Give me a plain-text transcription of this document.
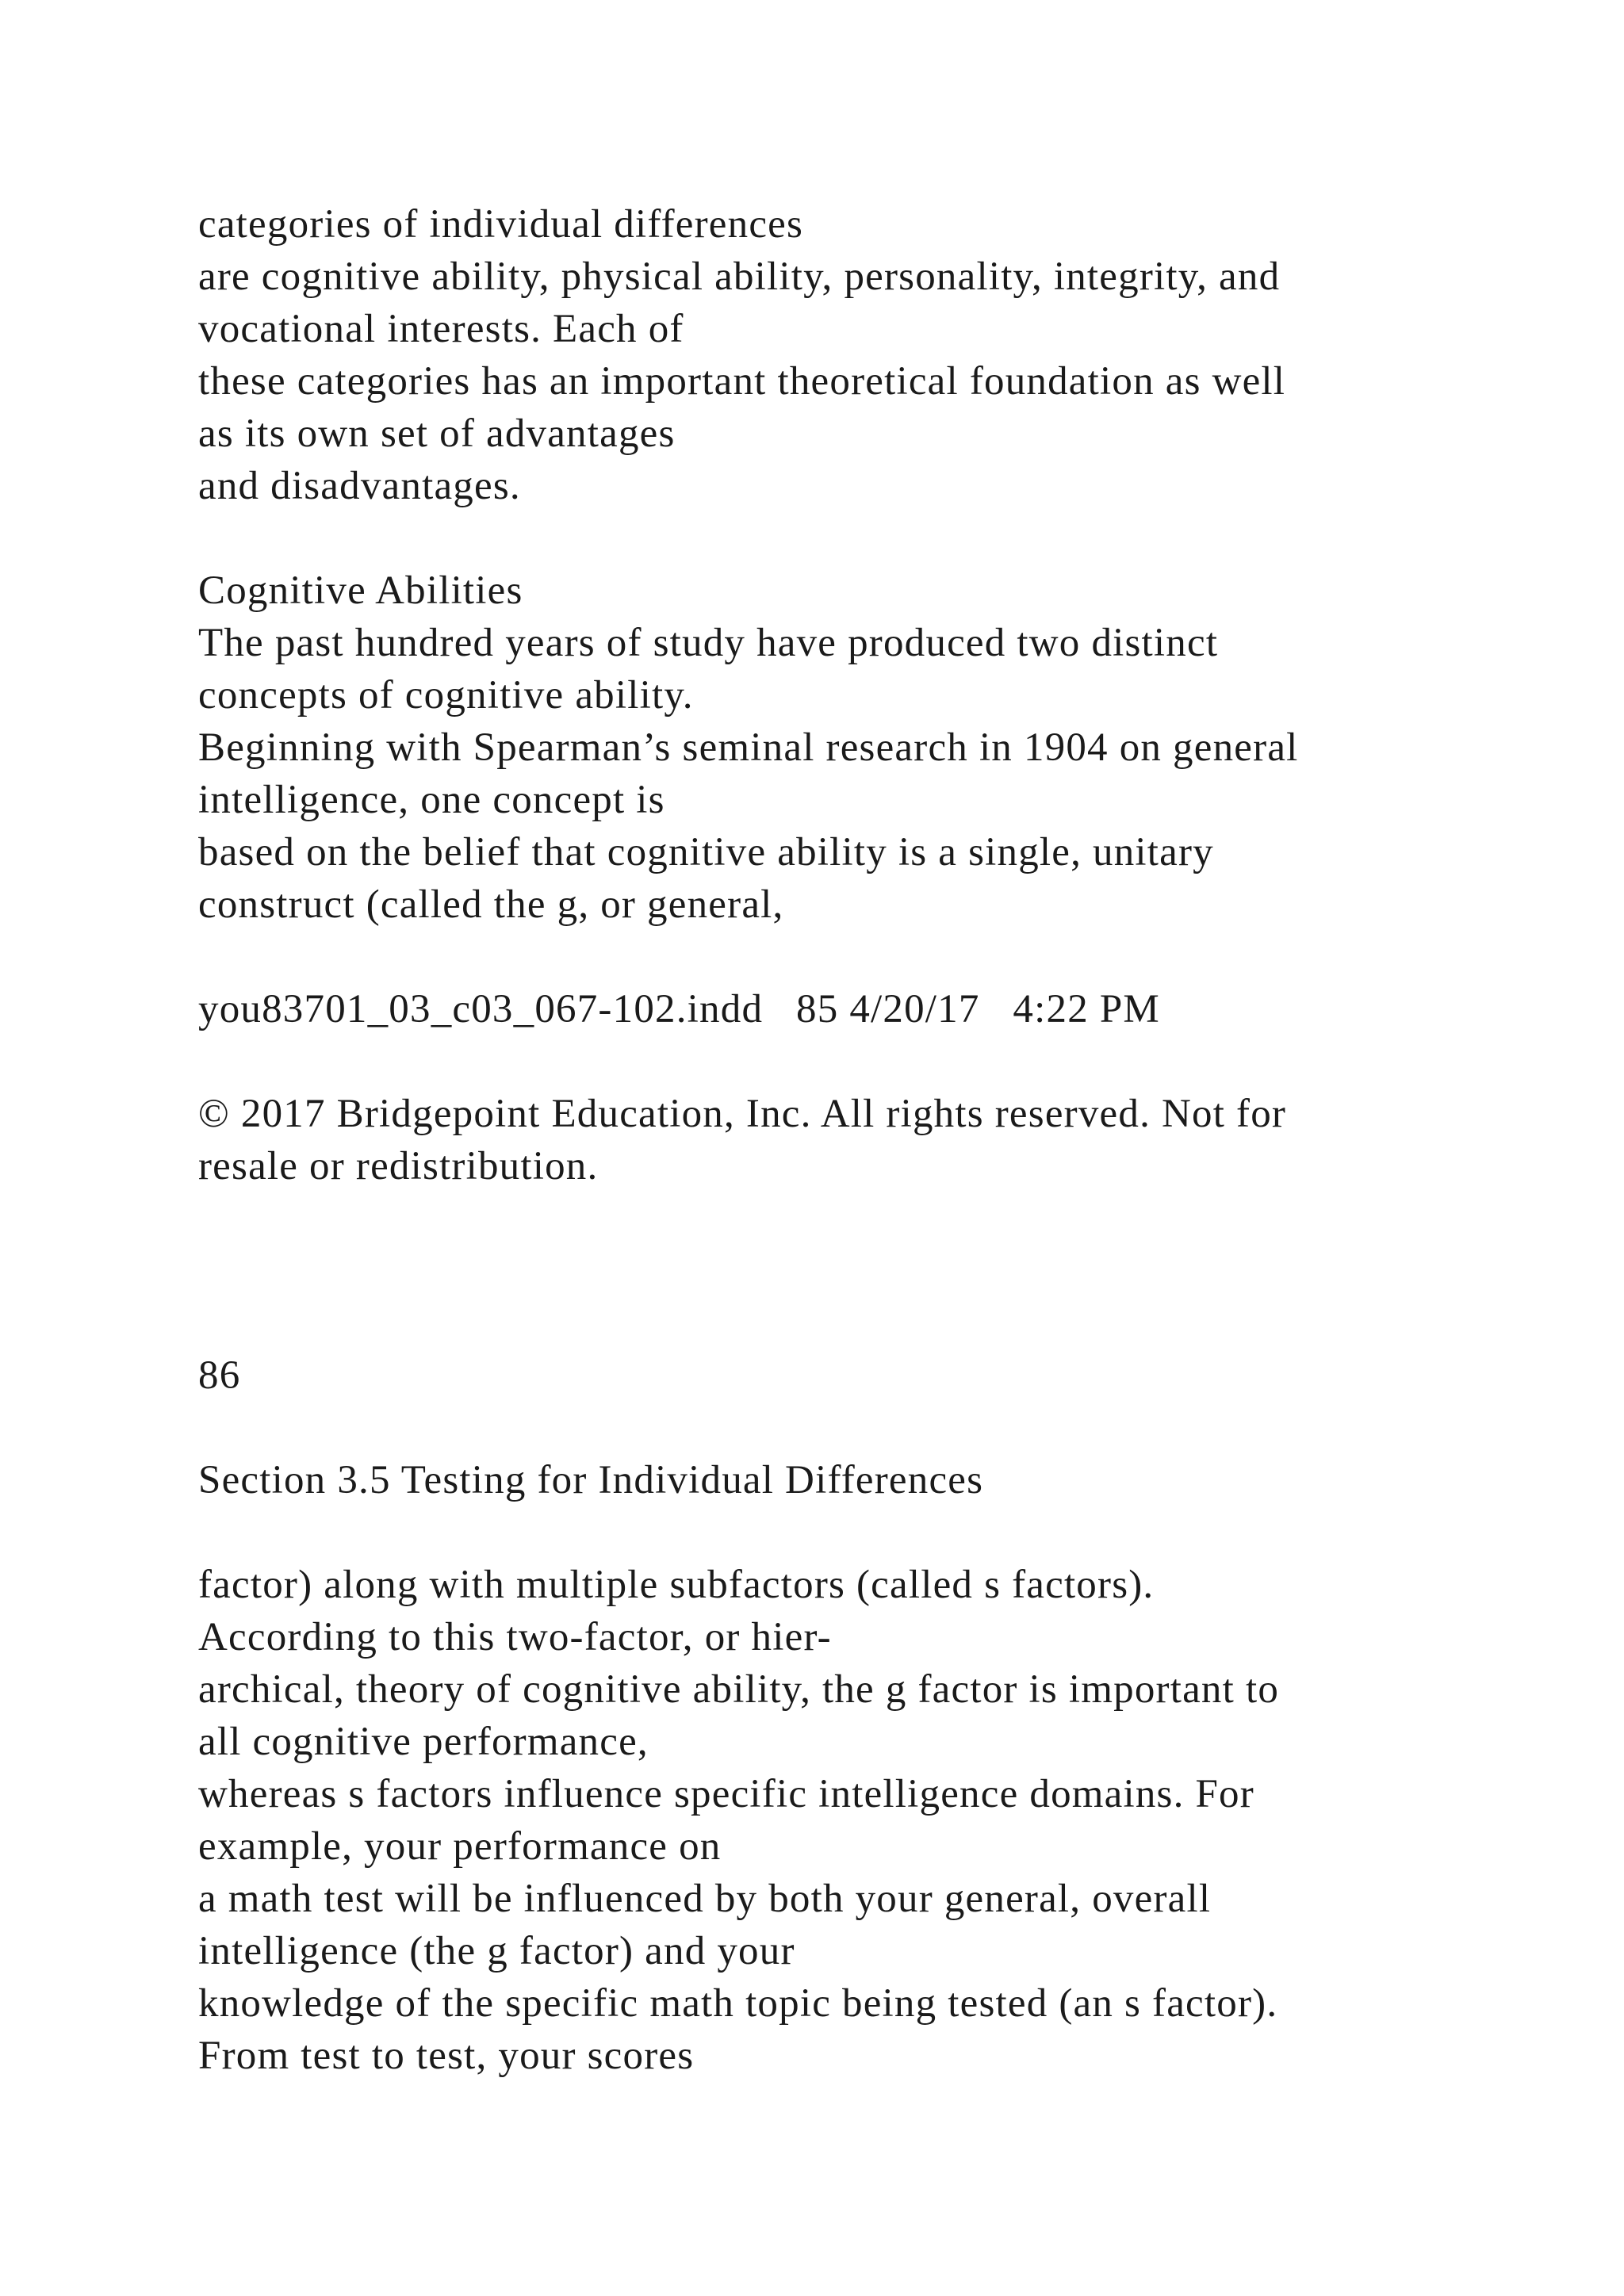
categories of individual differences

are cognitive ability, physical ability, personality, integrity, and

vocational interests. Each of

these categories has an important theoretical foundation as well

as its own set of advantages

and disadvantages.

Cognitive Abilities

The past hundred years of study have produced two distinct

concepts of cognitive ability.

Beginning with Spearman’s seminal research in 1904 on general

intelligence, one concept is

based on the belief that cognitive ability is a single, unitary

construct (called the g, or general,

you83701_03_c03_067-102.indd   85 4/20/17   4:22 PM

© 2017 Bridgepoint Education, Inc. All rights reserved. Not for

resale or redistribution.

86

Section 3.5 Testing for Individual Differences

factor) along with multiple subfactors (called s factors).

According to this two-factor, or hier-

archical, theory of cognitive ability, the g factor is important to

all cognitive performance,

whereas s factors influence specific intelligence domains. For

example, your performance on

a math test will be influenced by both your general, overall

intelligence (the g factor) and your

knowledge of the specific math topic being tested (an s factor).

From test to test, your scores
